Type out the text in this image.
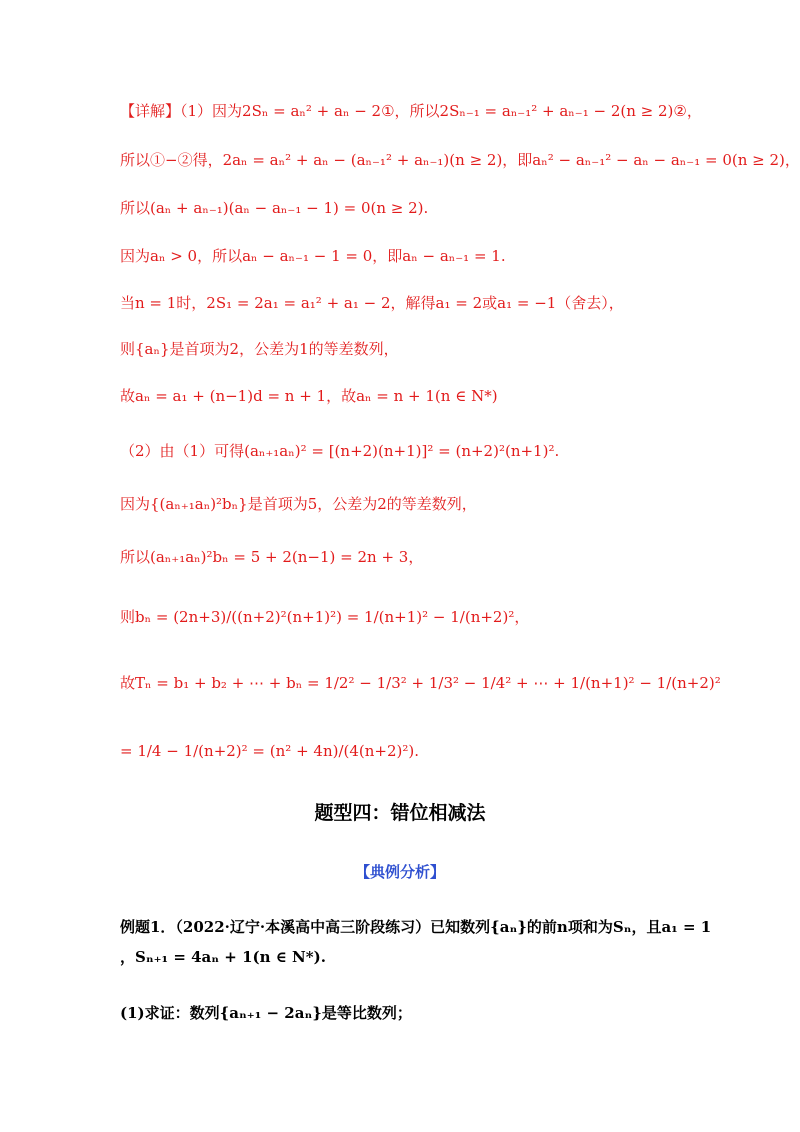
【详解】（1）因为2Sₙ = aₙ² + aₙ − 2①，所以2Sₙ₋₁ = aₙ₋₁² + aₙ₋₁ − 2(n ≥ 2)②，
所以①−②得，2aₙ = aₙ² + aₙ − (aₙ₋₁² + aₙ₋₁)(n ≥ 2)，即aₙ² − aₙ₋₁² − aₙ − aₙ₋₁ = 0(n ≥ 2)，
所以(aₙ + aₙ₋₁)(aₙ − aₙ₋₁ − 1) = 0(n ≥ 2).
因为aₙ > 0，所以aₙ − aₙ₋₁ − 1 = 0，即aₙ − aₙ₋₁ = 1.
当n = 1时，2S₁ = 2a₁ = a₁² + a₁ − 2，解得a₁ = 2或a₁ = −1（舍去），
则{aₙ}是首项为2，公差为1的等差数列，
故aₙ = a₁ + (n−1)d = n + 1，故aₙ = n + 1(n ∈ N*)
（2）由（1）可得(aₙ₊₁aₙ)² = [(n+2)(n+1)]² = (n+2)²(n+1)².
因为{(aₙ₊₁aₙ)²bₙ}是首项为5，公差为2的等差数列，
所以(aₙ₊₁aₙ)²bₙ = 5 + 2(n−1) = 2n + 3，
则bₙ = (2n+3)/((n+2)²(n+1)²) = 1/(n+1)² − 1/(n+2)²，
故Tₙ = b₁ + b₂ + ⋯ + bₙ = 1/2² − 1/3² + 1/3² − 1/4² + ⋯ + 1/(n+1)² − 1/(n+2)²
= 1/4 − 1/(n+2)² = (n² + 4n)/(4(n+2)²).
题型四：错位相减法
【典例分析】
例题1．（2022·辽宁·本溪高中高三阶段练习）已知数列{aₙ}的前n项和为Sₙ，且a₁ = 1
，Sₙ₊₁ = 4aₙ + 1(n ∈ N*).
(1)求证：数列{aₙ₊₁ − 2aₙ}是等比数列；
